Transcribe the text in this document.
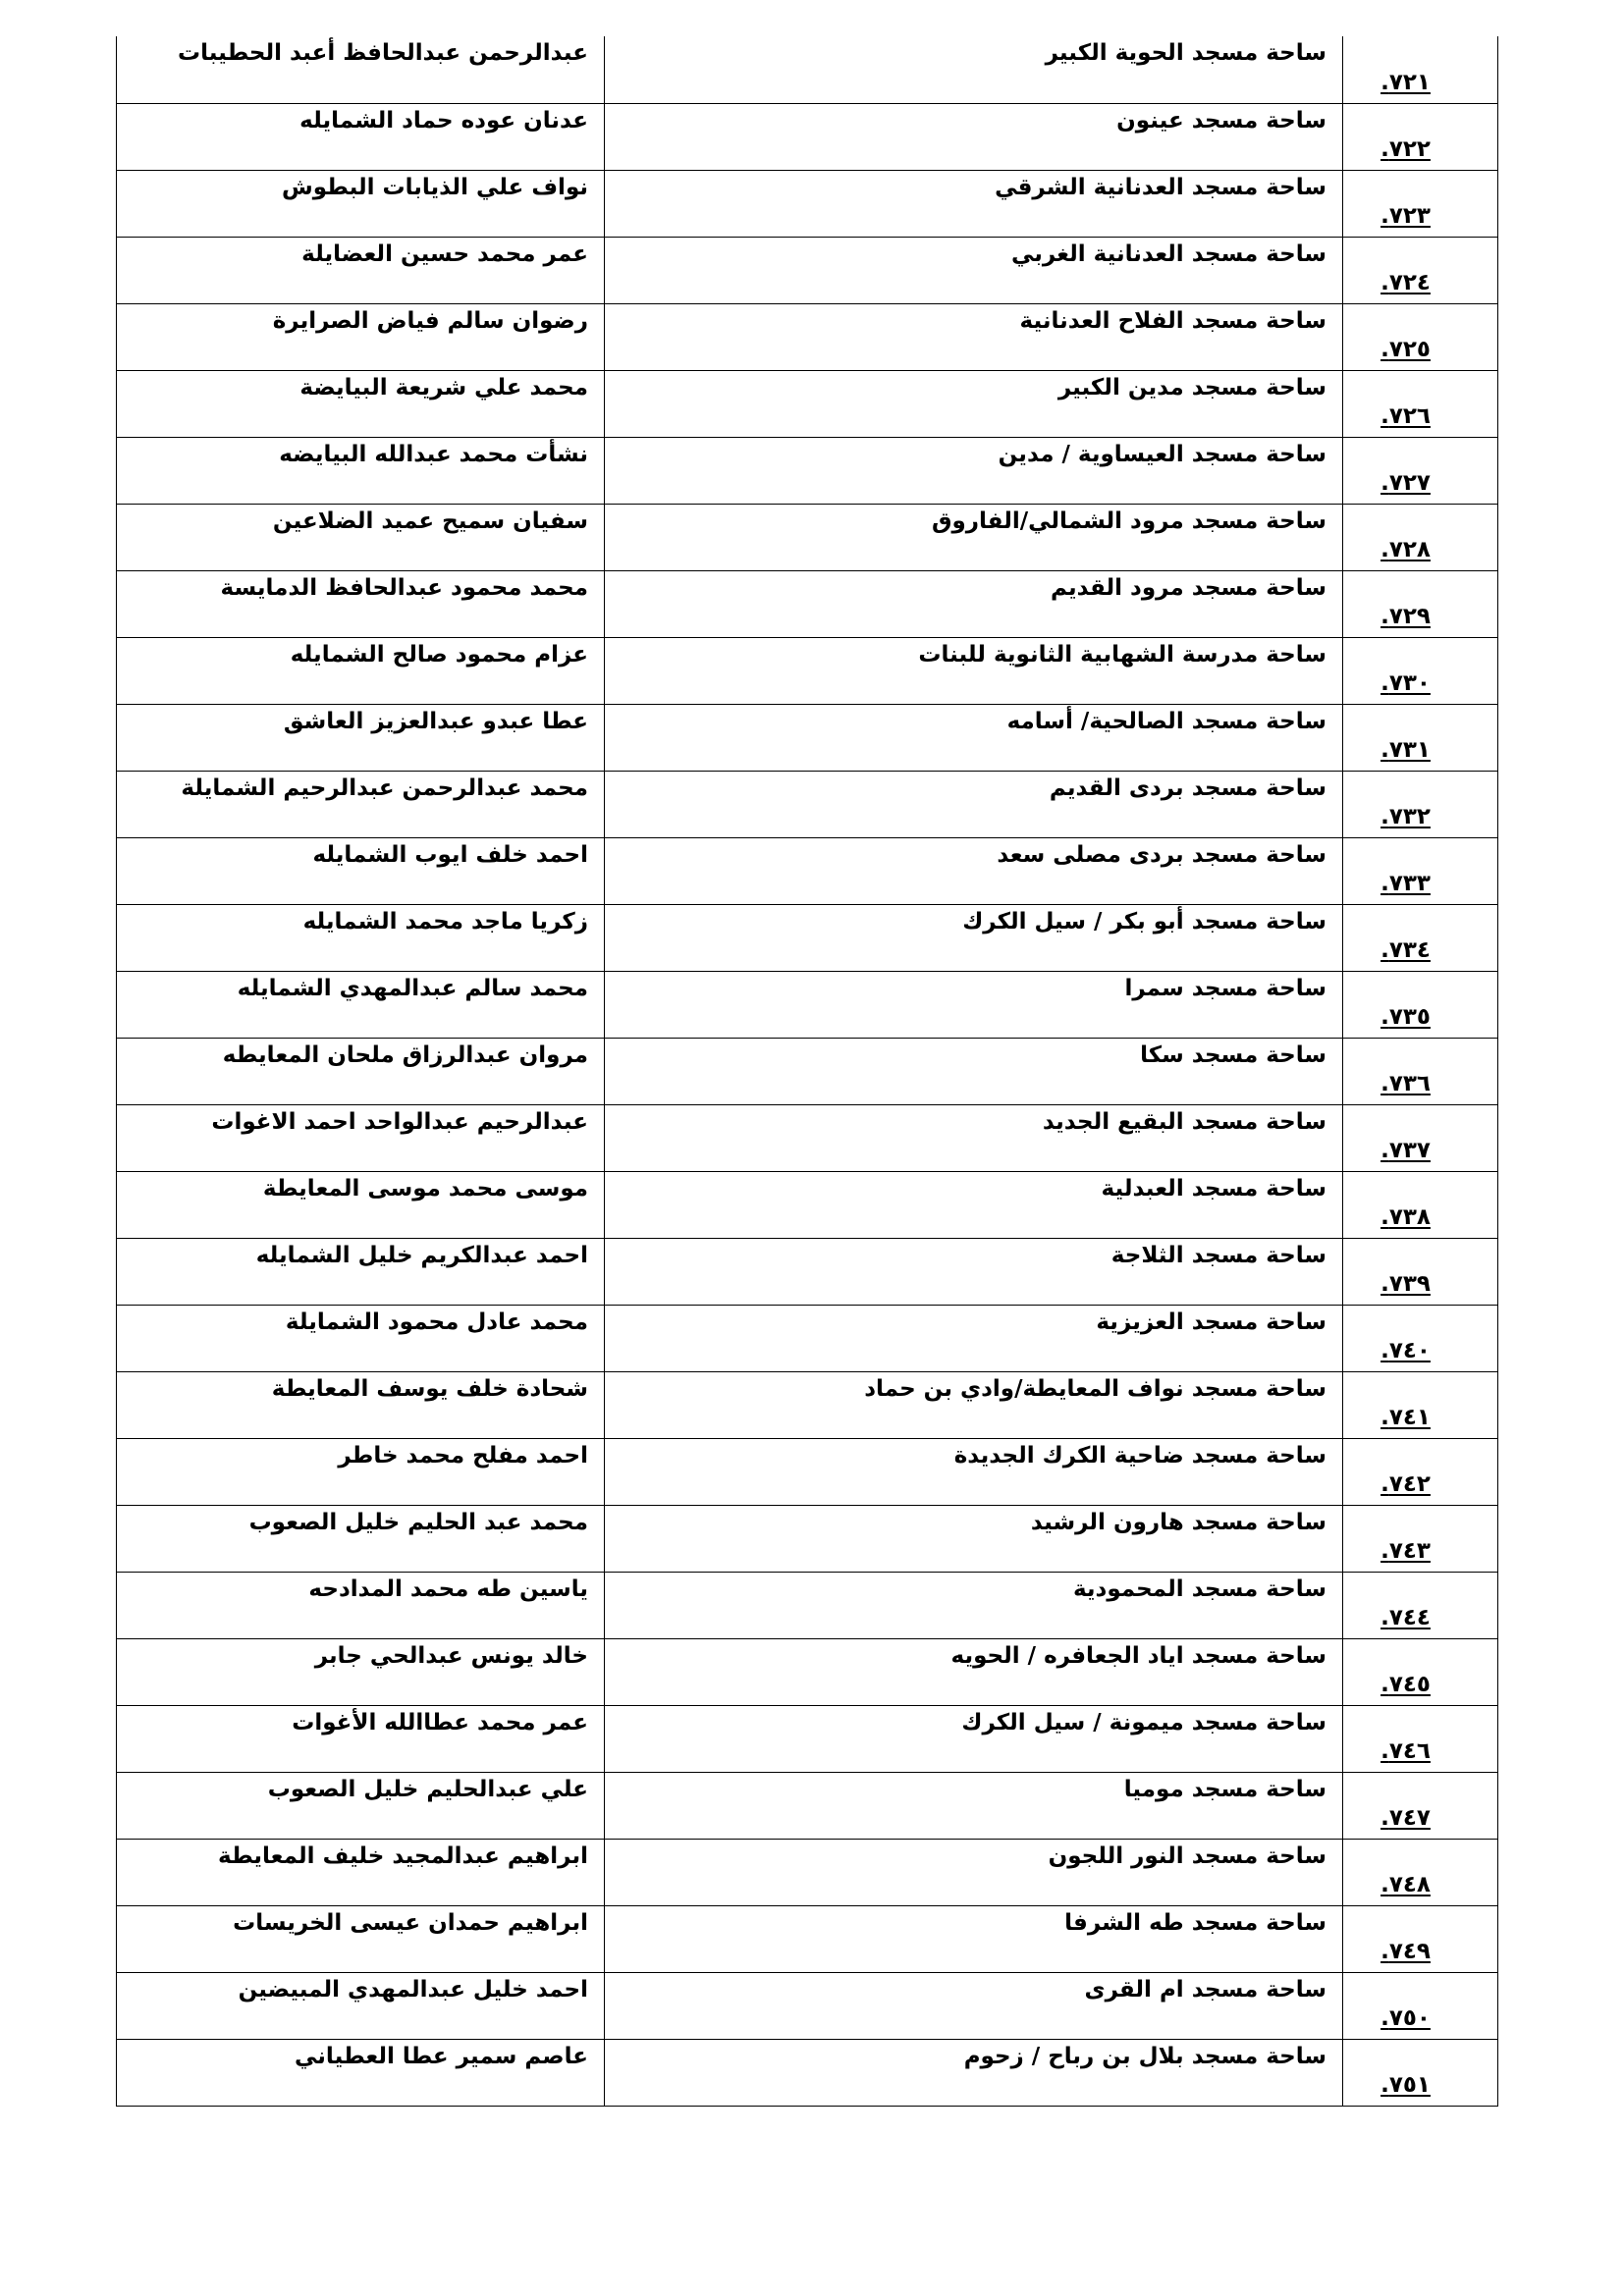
عبدالرحمن عبدالحافظ أعبد الحطيبات	ساحة مسجد الحوية الكبير	٧٢١.
عدنان عوده حماد الشمايله	ساحة مسجد عينون	٧٢٢.
نواف علي الذيابات البطوش	ساحة مسجد العدنانية الشرقي	٧٢٣.
عمر محمد حسين العضايلة	ساحة مسجد العدنانية الغربي	٧٢٤.
رضوان سالم فياض الصرايرة	ساحة مسجد الفلاح العدنانية	٧٢٥.
محمد علي شريعة البيايضة	ساحة مسجد مدين الكبير	٧٢٦.
نشأت محمد عبدالله البيايضه	ساحة مسجد العيساوية / مدين	٧٢٧.
سفيان سميح عميد الضلاعين	ساحة مسجد مرود الشمالي/الفاروق	٧٢٨.
محمد محمود عبدالحافظ الدمايسة	ساحة مسجد مرود القديم	٧٢٩.
عزام محمود صالح الشمايله	ساحة مدرسة الشهابية الثانوية للبنات	٧٣٠.
عطا عبدو عبدالعزيز العاشق	ساحة مسجد الصالحية/ أسامه	٧٣١.
محمد عبدالرحمن عبدالرحيم الشمايلة	ساحة مسجد بردى القديم	٧٣٢.
احمد خلف ايوب الشمايله	ساحة مسجد بردى مصلى سعد	٧٣٣.
زكريا ماجد محمد الشمايله	ساحة مسجد أبو بكر / سيل الكرك	٧٣٤.
محمد سالم عبدالمهدي الشمايله	ساحة مسجد سمرا	٧٣٥.
مروان عبدالرزاق ملحان المعايطه	ساحة مسجد سكا	٧٣٦.
عبدالرحيم عبدالواحد احمد الاغوات	ساحة مسجد البقيع الجديد	٧٣٧.
موسى محمد موسى المعايطة	ساحة مسجد العبدلية	٧٣٨.
احمد عبدالكريم خليل الشمايله	ساحة مسجد الثلاجة	٧٣٩.
محمد عادل محمود الشمايلة	ساحة مسجد العزيزية	٧٤٠.
شحادة خلف يوسف المعايطة	ساحة مسجد نواف المعايطة/وادي بن حماد	٧٤١.
احمد مفلح محمد خاطر	ساحة مسجد ضاحية الكرك الجديدة	٧٤٢.
محمد عبد الحليم خليل الصعوب	ساحة مسجد هارون الرشيد	٧٤٣.
ياسين طه محمد المدادحه	ساحة مسجد المحمودية	٧٤٤.
خالد يونس عبدالحي جابر	ساحة مسجد اياد الجعافره / الحويه	٧٤٥.
عمر محمد عطاالله الأغوات	ساحة مسجد ميمونة / سيل الكرك	٧٤٦.
علي عبدالحليم خليل الصعوب	ساحة مسجد موميا	٧٤٧.
ابراهيم عبدالمجيد خليف المعايطة	ساحة مسجد النور اللجون	٧٤٨.
ابراهيم حمدان عيسى الخريسات	ساحة مسجد طه الشرفا	٧٤٩.
احمد خليل عبدالمهدي المبيضين	ساحة مسجد ام القرى	٧٥٠.
عاصم سمير عطا العطياني	ساحة مسجد بلال بن رباح / زحوم	٧٥١.
